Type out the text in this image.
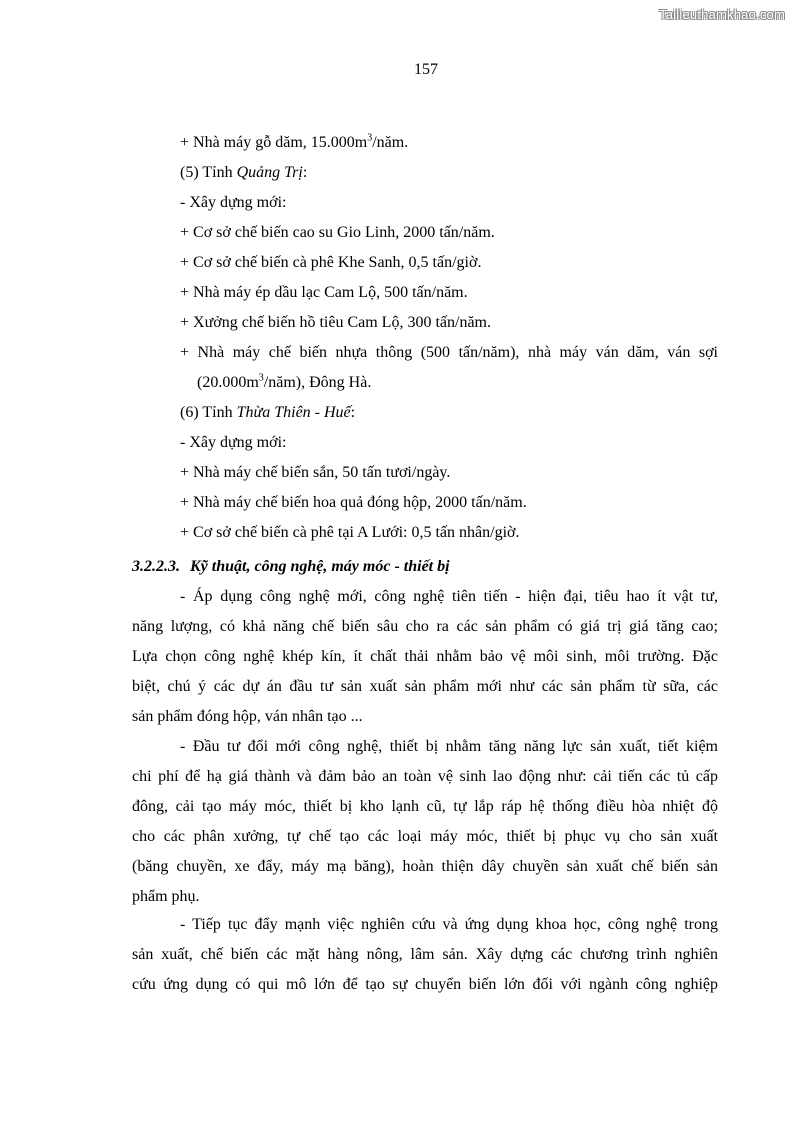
Tailieuthamkhao.com
157
+ Nhà máy gỗ dăm, $15.000m^3$/năm.
(5) Tỉnh Quảng Trị:
- Xây dựng mới:
+ Cơ sở chế biến cao su Gio Linh, 2000 tấn/năm.
+ Cơ sở chế biến cà phê Khe Sanh, 0,5 tấn/giờ.
+ Nhà máy ép dầu lạc Cam Lộ, 500 tấn/năm.
+ Xưởng chế biến hồ tiêu Cam Lộ, 300 tấn/năm.
+ Nhà máy chế biến nhựa thông (500 tấn/năm), nhà máy ván dăm, ván sợi
$(20.000m^3/năm)$, Đông Hà.
(6) Tỉnh Thừa Thiên - Huế:
- Xây dựng mới:
+ Nhà máy chế biến sắn, 50 tấn tươi/ngày.
+ Nhà máy chế biến hoa quả đóng hộp, 2000 tấn/năm.
+ Cơ sở chế biến cà phê tại A Lưới: 0,5 tấn nhân/giờ.
3.2.2.3. Kỹ thuật, công nghệ, máy móc - thiết bị
- Áp dụng công nghệ mới, công nghệ tiên tiến - hiện đại, tiêu hao ít vật tư,
năng lượng, có khả năng chế biến sâu cho ra các sản phẩm có giá trị giá tăng cao;
Lựa chọn công nghệ khép kín, ít chất thải nhằm bảo vệ môi sinh, môi trường. Đặc
biệt, chú ý các dự án đầu tư sản xuất sản phẩm mới như các sản phẩm từ sữa, các
sản phẩm đóng hộp, ván nhân tạo ...
- Đầu tư đổi mới công nghệ, thiết bị nhằm tăng năng lực sản xuất, tiết kiệm
chi phí để hạ giá thành và đảm bảo an toàn vệ sinh lao động như: cải tiến các tủ cấp
đông, cải tạo máy móc, thiết bị kho lạnh cũ, tự lắp ráp hệ thống điều hòa nhiệt độ
cho các phân xưởng, tự chế tạo các loại máy móc, thiết bị phục vụ cho sản xuất
(băng chuyền, xe đẩy, máy mạ băng), hoàn thiện dây chuyền sản xuất chế biến sản
phẩm phụ.
- Tiếp tục đẩy mạnh việc nghiên cứu và ứng dụng khoa học, công nghệ trong
sản xuất, chế biến các mặt hàng nông, lâm sản. Xây dựng các chương trình nghiên
cứu ứng dụng có qui mô lớn để tạo sự chuyển biến lớn đối với ngành công nghiệp
